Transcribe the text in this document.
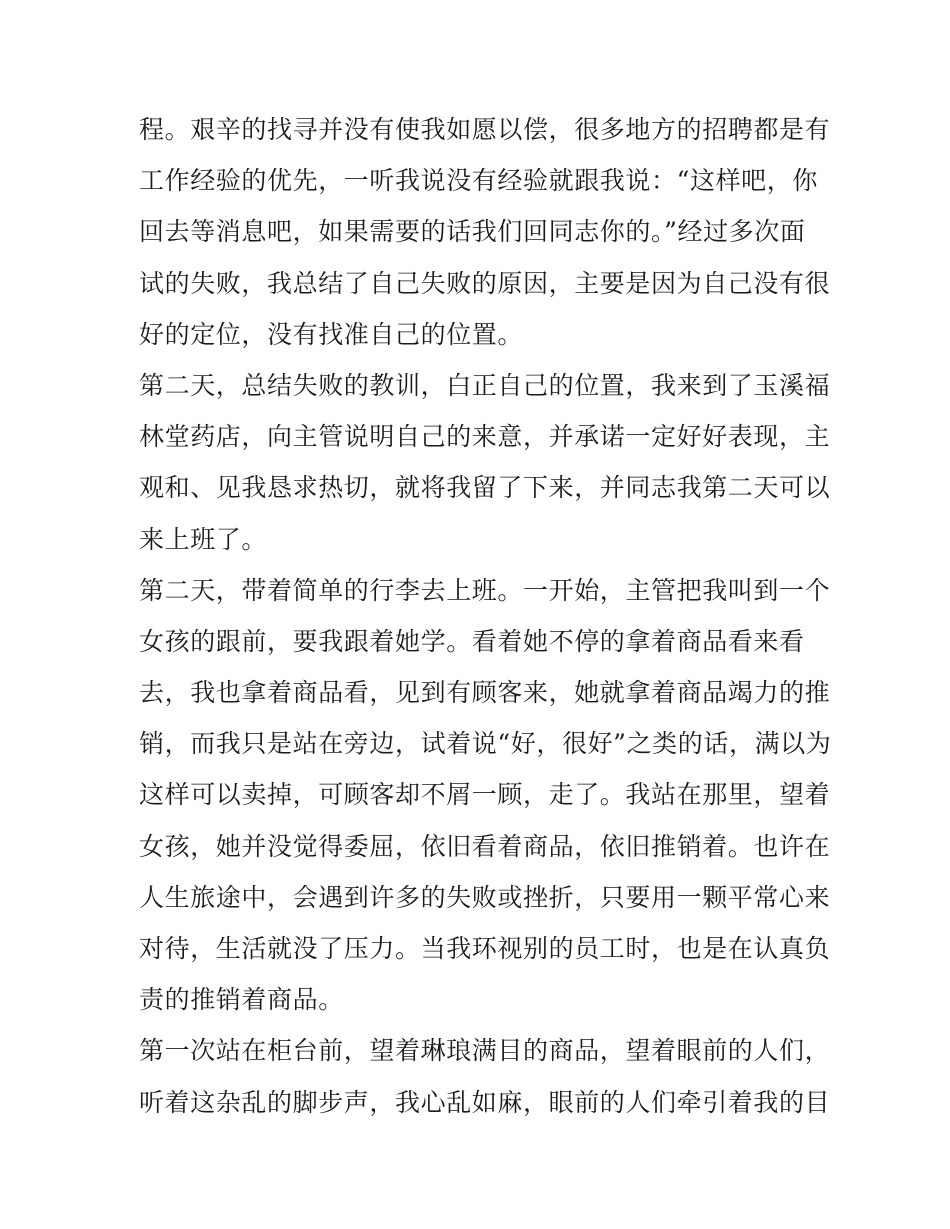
程。艰辛的找寻并没有使我如愿以偿，很多地方的招聘都是有
工作经验的优先，一听我说没有经验就跟我说：“这样吧，你
回去等消息吧，如果需要的话我们回同志你的。”经过多次面
试的失败，我总结了自己失败的原因，主要是因为自己没有很
好的定位，没有找准自己的位置。
第二天，总结失败的教训，白正自己的位置，我来到了玉溪福
林堂药店，向主管说明自己的来意，并承诺一定好好表现，主
观和、见我恳求热切，就将我留了下来，并同志我第二天可以
来上班了。
第二天，带着简单的行李去上班。一开始，主管把我叫到一个
女孩的跟前，要我跟着她学。看着她不停的拿着商品看来看
去，我也拿着商品看，见到有顾客来，她就拿着商品竭力的推
销，而我只是站在旁边，试着说“好，很好”之类的话，满以为
这样可以卖掉，可顾客却不屑一顾，走了。我站在那里，望着
女孩，她并没觉得委屈，依旧看着商品，依旧推销着。也许在
人生旅途中，会遇到许多的失败或挫折，只要用一颗平常心来
对待，生活就没了压力。当我环视别的员工时，也是在认真负
责的推销着商品。
第一次站在柜台前，望着琳琅满目的商品，望着眼前的人们，
听着这杂乱的脚步声，我心乱如麻，眼前的人们牵引着我的目
